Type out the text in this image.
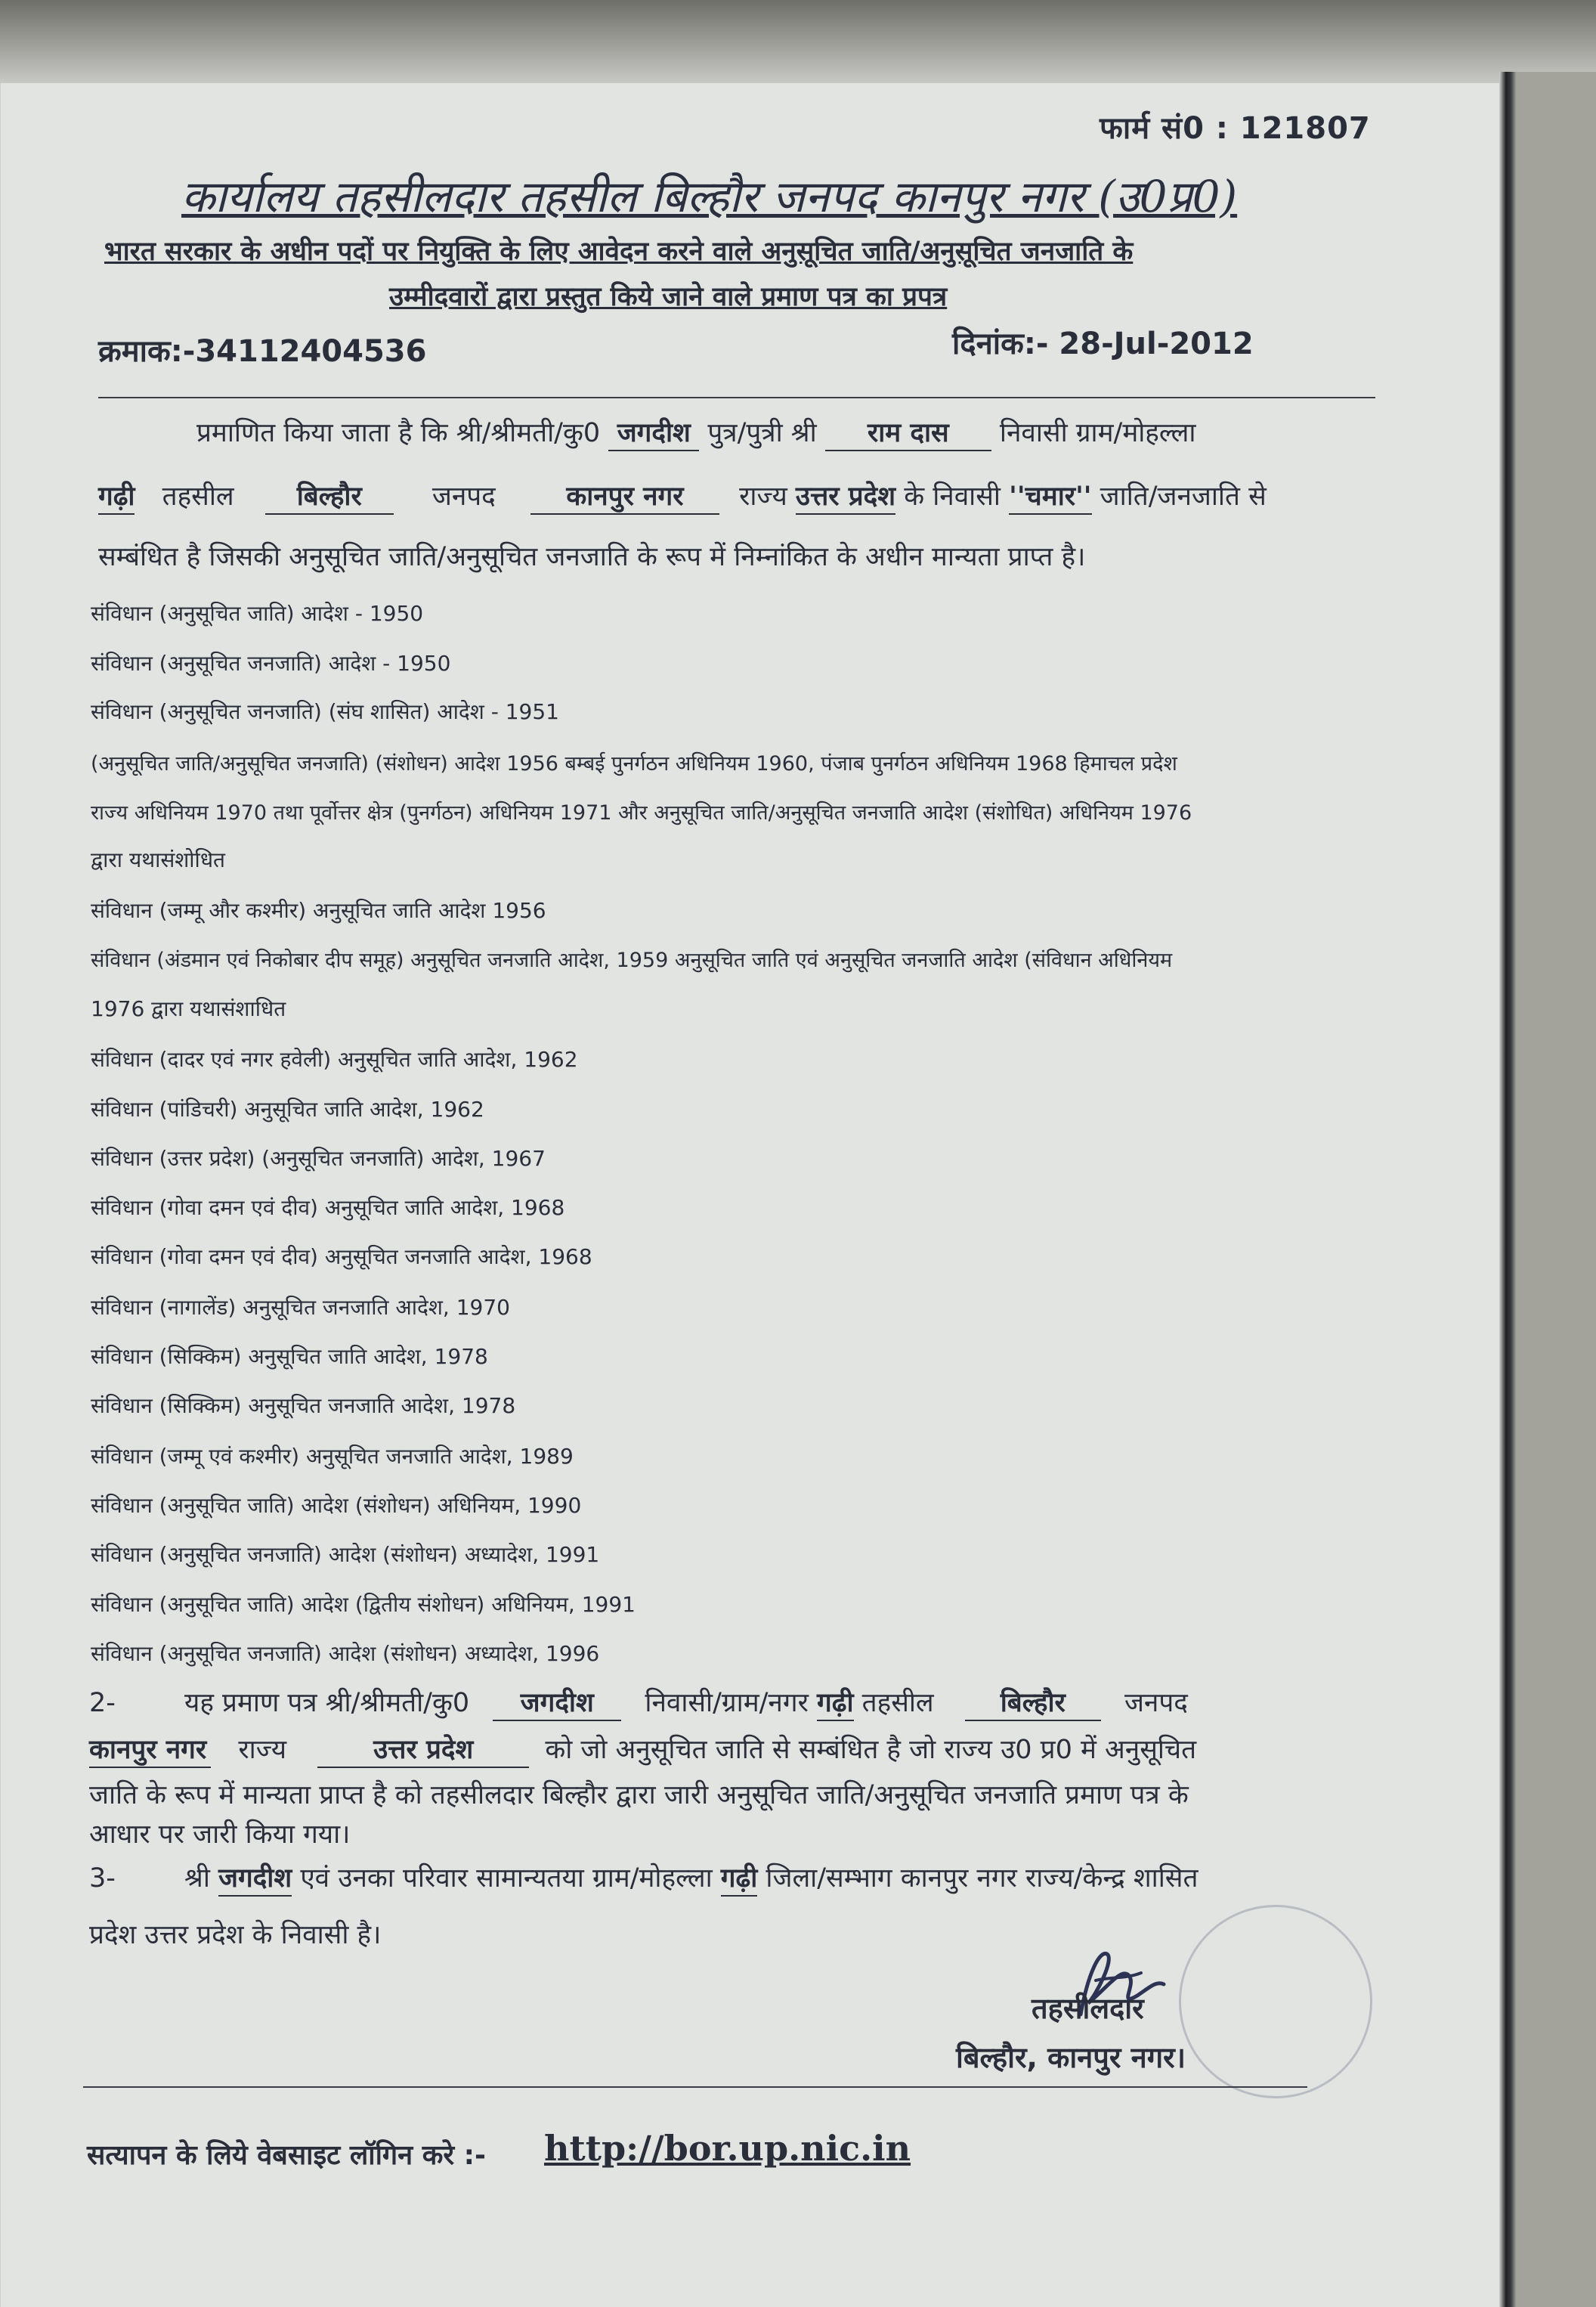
फार्म सं0 : 121807
कार्यालय तहसीलदार तहसील बिल्हौर जनपद कानपुर नगर (उ0प्र0)
भारत सरकार के अधीन पदों पर नियुक्ति के लिए आवेदन करने वाले अनुसूचित जाति/अनुसूचित जनजाति के
उम्मीदवारों द्वारा प्रस्तुत किये जाने वाले प्रमाण पत्र का प्रपत्र
क्रमाक:-34112404536	दिनांक:- 28-Jul-2012
प्रमाणित किया जाता है कि श्री/श्रीमती/कु0 जगदीश पुत्र/पुत्री श्री राम दास निवासी ग्राम/मोहल्ला
गढ़ी तहसील बिल्हौर	जनपद	कानपुर नगर राज्य उत्तर प्रदेश के निवासी ''चमार'' जाति/जनजाति से
सम्बंधित है जिसकी अनुसूचित जाति/अनुसूचित जनजाति के रूप में निम्नांकित के अधीन मान्यता प्राप्त है।
संविधान (अनुसूचित जाति) आदेश - 1950
संविधान (अनुसूचित जनजाति) आदेश - 1950
संविधान (अनुसूचित जनजाति) (संघ शासित) आदेश - 1951
(अनुसूचित जाति/अनुसूचित जनजाति) (संशोधन) आदेश 1956 बम्बई पुनर्गठन अधिनियम 1960, पंजाब पुनर्गठन अधिनियम 1968 हिमाचल प्रदेश
राज्य अधिनियम 1970 तथा पूर्वोत्तर क्षेत्र (पुनर्गठन) अधिनियम 1971 और अनुसूचित जाति/अनुसूचित जनजाति आदेश (संशोधित) अधिनियम 1976
द्वारा यथासंशोधित
संविधान (जम्मू और कश्मीर) अनुसूचित जाति आदेश 1956
संविधान (अंडमान एवं निकोबार दीप समूह) अनुसूचित जनजाति आदेश, 1959 अनुसूचित जाति एवं अनुसूचित जनजाति आदेश (संविधान अधिनियम
1976 द्वारा यथासंशाधित
संविधान (दादर एवं नगर हवेली) अनुसूचित जाति आदेश, 1962
संविधान (पांडिचरी) अनुसूचित जाति आदेश, 1962
संविधान (उत्तर प्रदेश) (अनुसूचित जनजाति) आदेश, 1967
संविधान (गोवा दमन एवं दीव) अनुसूचित जाति आदेश, 1968
संविधान (गोवा दमन एवं दीव) अनुसूचित जनजाति आदेश, 1968
संविधान (नागालेंड) अनुसूचित जनजाति आदेश, 1970
संविधान (सिक्किम) अनुसूचित जाति आदेश, 1978
संविधान (सिक्किम) अनुसूचित जनजाति आदेश, 1978
संविधान (जम्मू एवं कश्मीर) अनुसूचित जनजाति आदेश, 1989
संविधान (अनुसूचित जाति) आदेश (संशोधन) अधिनियम, 1990
संविधान (अनुसूचित जनजाति) आदेश (संशोधन) अध्यादेश, 1991
संविधान (अनुसूचित जाति) आदेश (द्वितीय संशोधन) अधिनियम, 1991
संविधान (अनुसूचित जनजाति) आदेश (संशोधन) अध्यादेश, 1996
2-	यह प्रमाण पत्र श्री/श्रीमती/कु0 जगदीश निवासी/ग्राम/नगर गढ़ी तहसील	बिल्हौर जनपद
कानपुर नगर राज्य	उत्तर प्रदेश	को जो अनुसूचित जाति से सम्बंधित है जो राज्य उ0 प्र0 में अनुसूचित
जाति के रूप में मान्यता प्राप्त है को तहसीलदार बिल्हौर द्वारा जारी अनुसूचित जाति/अनुसूचित जनजाति प्रमाण पत्र के
आधार पर जारी किया गया।
3-	श्री जगदीश एवं उनका परिवार सामान्यतया ग्राम/मोहल्ला गढ़ी जिला/सम्भाग कानपुर नगर राज्य/केन्द्र शासित
प्रदेश उत्तर प्रदेश के निवासी है।
तहसीलदार
बिल्हौर, कानपुर नगर।
सत्यापन के लिये वेबसाइट लॉगिन करे :- http://bor.up.nic.in
